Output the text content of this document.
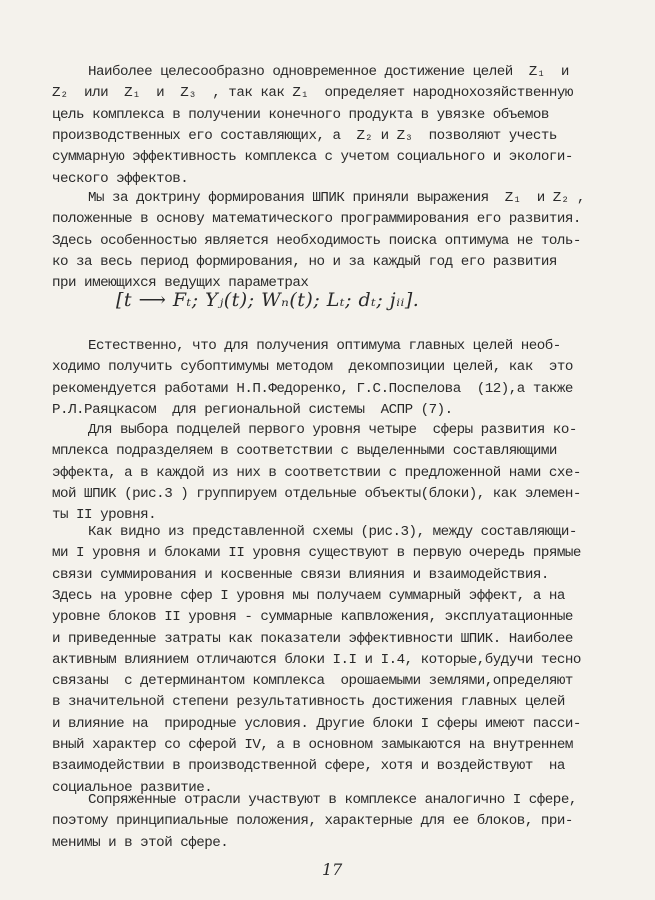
Наиболее целесообразно одновременное достижение целей  Z₁  и
Z₂  или  Z₁  и  Z₃  , так как Z₁  определяет народнохозяйственную
цель комплекса в получении конечного продукта в увязке объемов
производственных его составляющих, а  Z₂ и Z₃  позволяют учесть
суммарную эффективность комплекса с учетом социального и экологи-
ческого эффектов.
Мы за доктрину формирования ШПИК приняли выражения  Z₁  и Z₂ ,
положенные в основу математического программирования его развития.
Здесь особенностью является необходимость поиска оптимума не толь-
ко за весь период формирования, но и за каждый год его развития
при имеющихся ведущих параметрах
[t ⟶ Fₜ; Yⱼ(t); Wₙ(t); Lₜ; dₜ; jᵢᵢ].
Естественно, что для получения оптимума главных целей необ-
ходимо получить субоптимумы методом  декомпозиции целей, как  это
рекомендуется работами Н.П.Федоренко, Г.С.Поспелова  (12),а также
Р.Л.Раяцкасом  для региональной системы  АСПР (7).
Для выбора подцелей первого уровня четыре  сферы развития ко-
мплекса подразделяем в соответствии с выделенными составляющими
эффекта, а в каждой из них в соответствии с предложенной нами схе-
мой ШПИК (рис.3 ) группируем отдельные объекты(блоки), как элемен-
ты II уровня.
Как видно из представленной схемы (рис.3), между составляющи-
ми I уровня и блоками II уровня существуют в первую очередь прямые
связи суммирования и косвенные связи влияния и взаимодействия.
Здесь на уровне сфер I уровня мы получаем суммарный эффект, а на
уровне блоков II уровня - суммарные капвложения, эксплуатационные
и приведенные затраты как показатели эффективности ШПИК. Наиболее
активным влиянием отличаются блоки I.I и I.4, которые,будучи тесно
связаны  с детерминантом комплекса  орошаемыми землями,определяют
в значительной степени результативность достижения главных целей
и влияние на  природные условия. Другие блоки I сферы имеют пасси-
вный характер со сферой IV, а в основном замыкаются на внутреннем
взаимодействии в производственной сфере, хотя и воздействуют  на
социальное развитие.
Сопряженные отрасли участвуют в комплексе аналогично I сфере,
поэтому принципиальные положения, характерные для ее блоков, при-
менимы и в этой сфере.
17
